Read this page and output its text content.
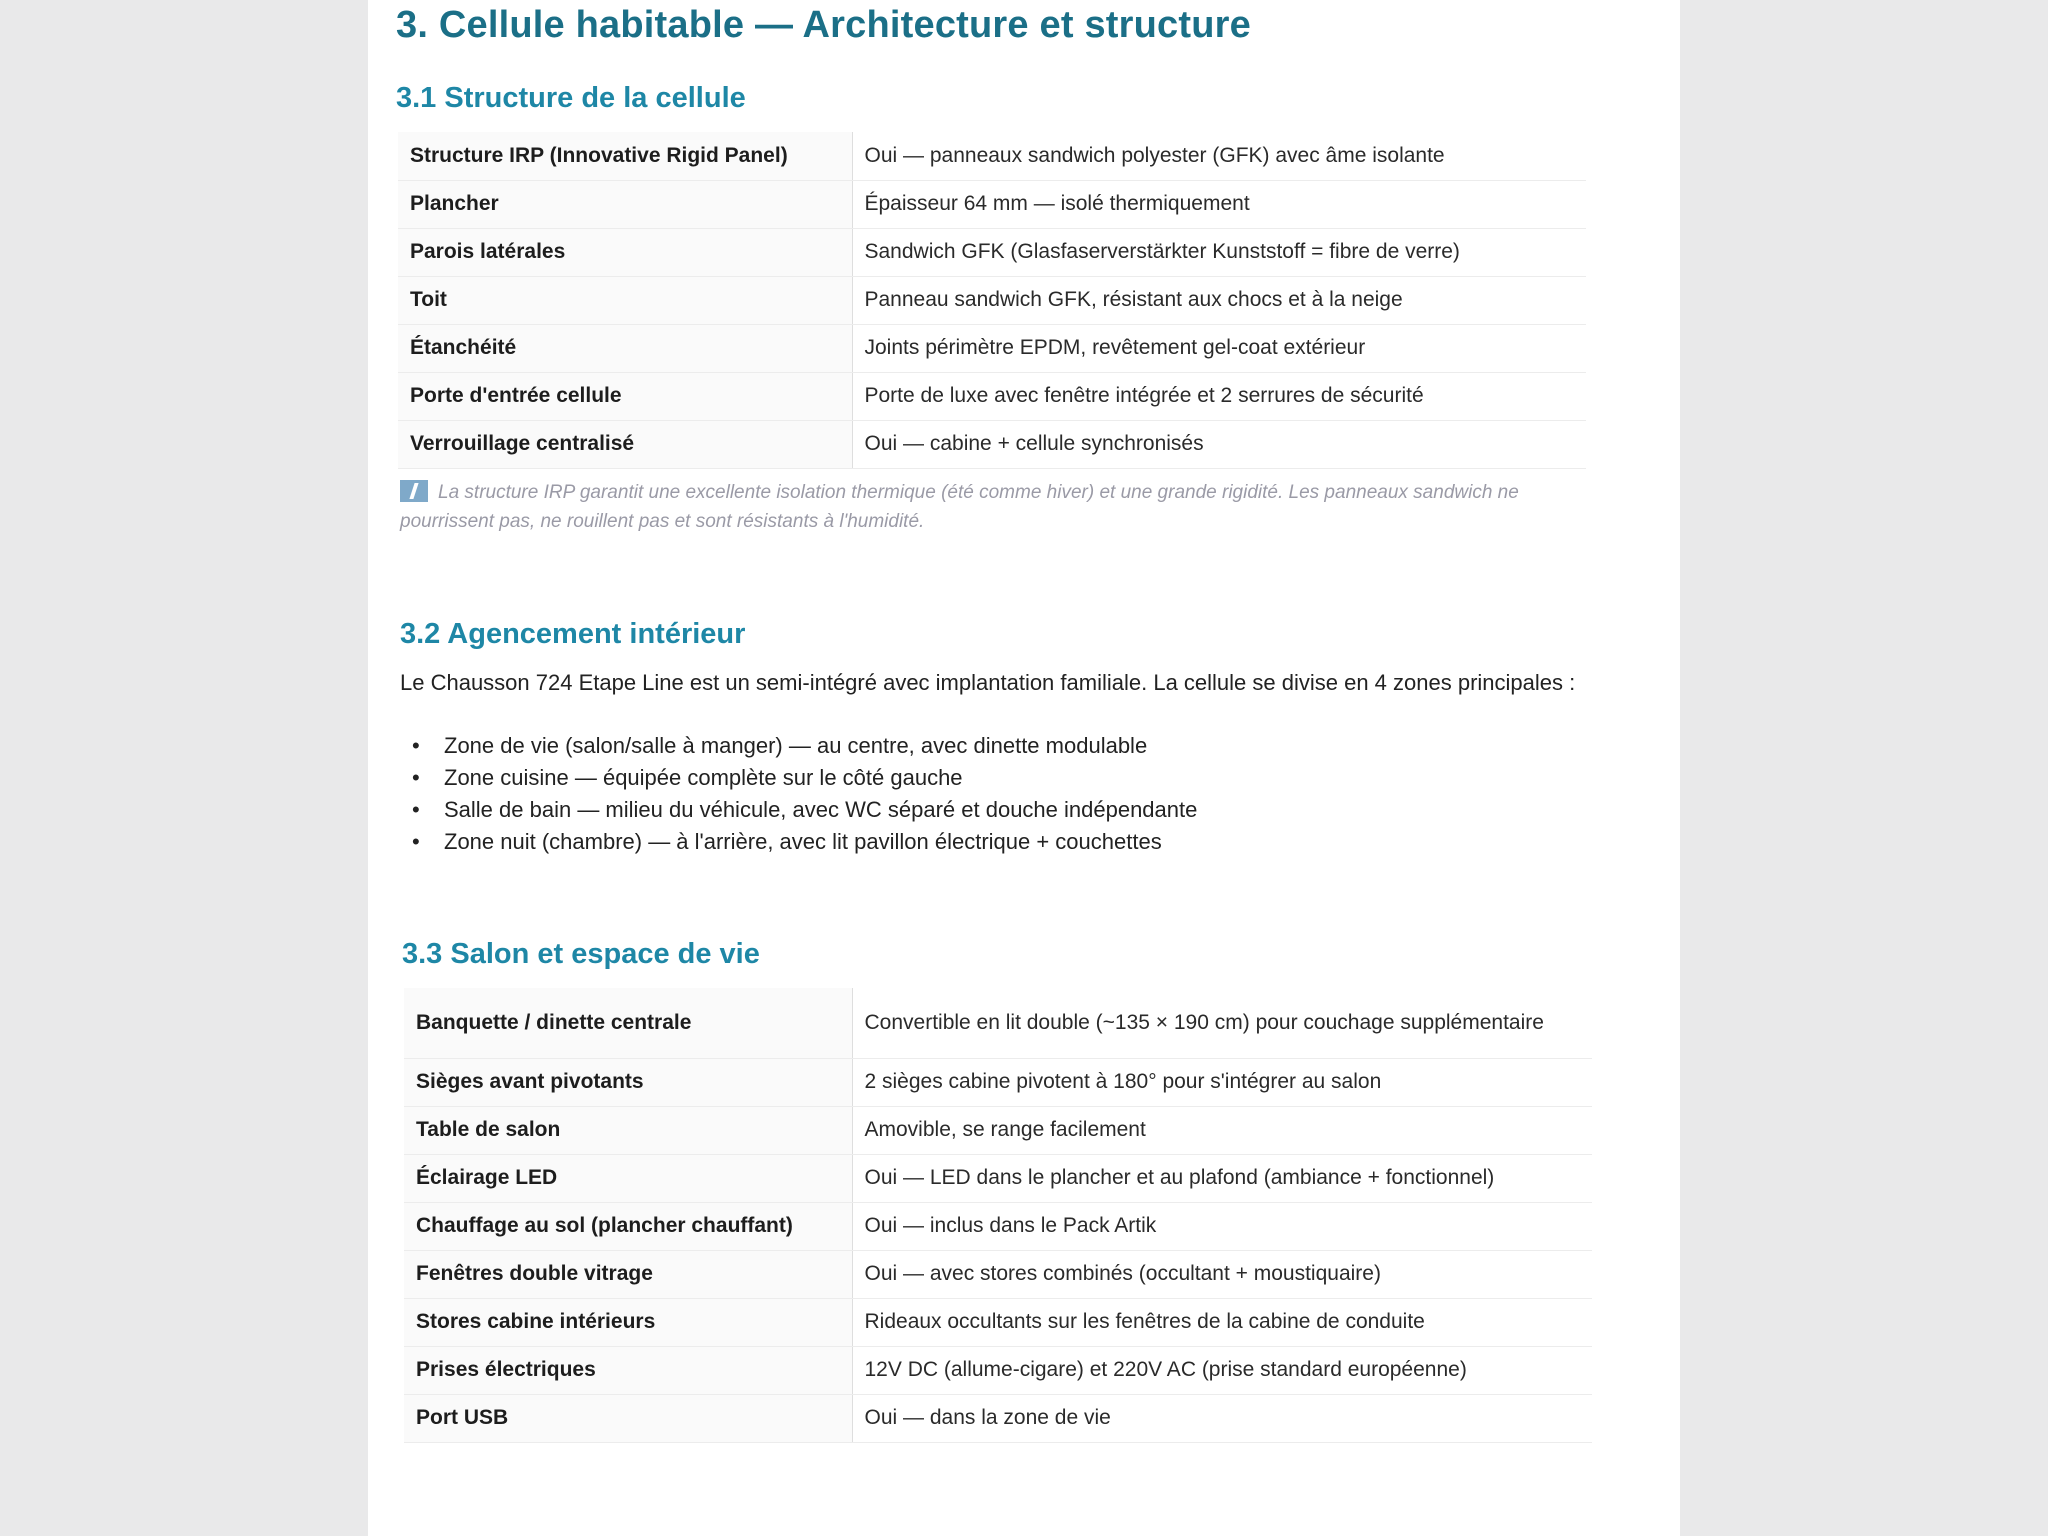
3. Cellule habitable — Architecture et structure
3.1 Structure de la cellule
Structure IRP (Innovative Rigid Panel)	Oui — panneaux sandwich polyester (GFK) avec âme isolante
Plancher	Épaisseur 64 mm — isolé thermiquement
Parois latérales	Sandwich GFK (Glasfaserverstärkter Kunststoff = fibre de verre)
Toit	Panneau sandwich GFK, résistant aux chocs et à la neige
Étanchéité	Joints périmètre EPDM, revêtement gel-coat extérieur
Porte d'entrée cellule	Porte de luxe avec fenêtre intégrée et 2 serrures de sécurité
Verrouillage centralisé	Oui — cabine + cellule synchronisés
La structure IRP garantit une excellente isolation thermique (été comme hiver) et une grande rigidité. Les panneaux sandwich ne pourrissent pas, ne rouillent pas et sont résistants à l'humidité.
3.2 Agencement intérieur
Le Chausson 724 Etape Line est un semi-intégré avec implantation familiale. La cellule se divise en 4 zones principales :
• Zone de vie (salon/salle à manger) — au centre, avec dinette modulable
• Zone cuisine — équipée complète sur le côté gauche
• Salle de bain — milieu du véhicule, avec WC séparé et douche indépendante
• Zone nuit (chambre) — à l'arrière, avec lit pavillon électrique + couchettes
3.3 Salon et espace de vie
Banquette / dinette centrale	Convertible en lit double (~135 × 190 cm) pour couchage supplémentaire
Sièges avant pivotants	2 sièges cabine pivotent à 180° pour s'intégrer au salon
Table de salon	Amovible, se range facilement
Éclairage LED	Oui — LED dans le plancher et au plafond (ambiance + fonctionnel)
Chauffage au sol (plancher chauffant)	Oui — inclus dans le Pack Artik
Fenêtres double vitrage	Oui — avec stores combinés (occultant + moustiquaire)
Stores cabine intérieurs	Rideaux occultants sur les fenêtres de la cabine de conduite
Prises électriques	12V DC (allume-cigare) et 220V AC (prise standard européenne)
Port USB	Oui — dans la zone de vie
